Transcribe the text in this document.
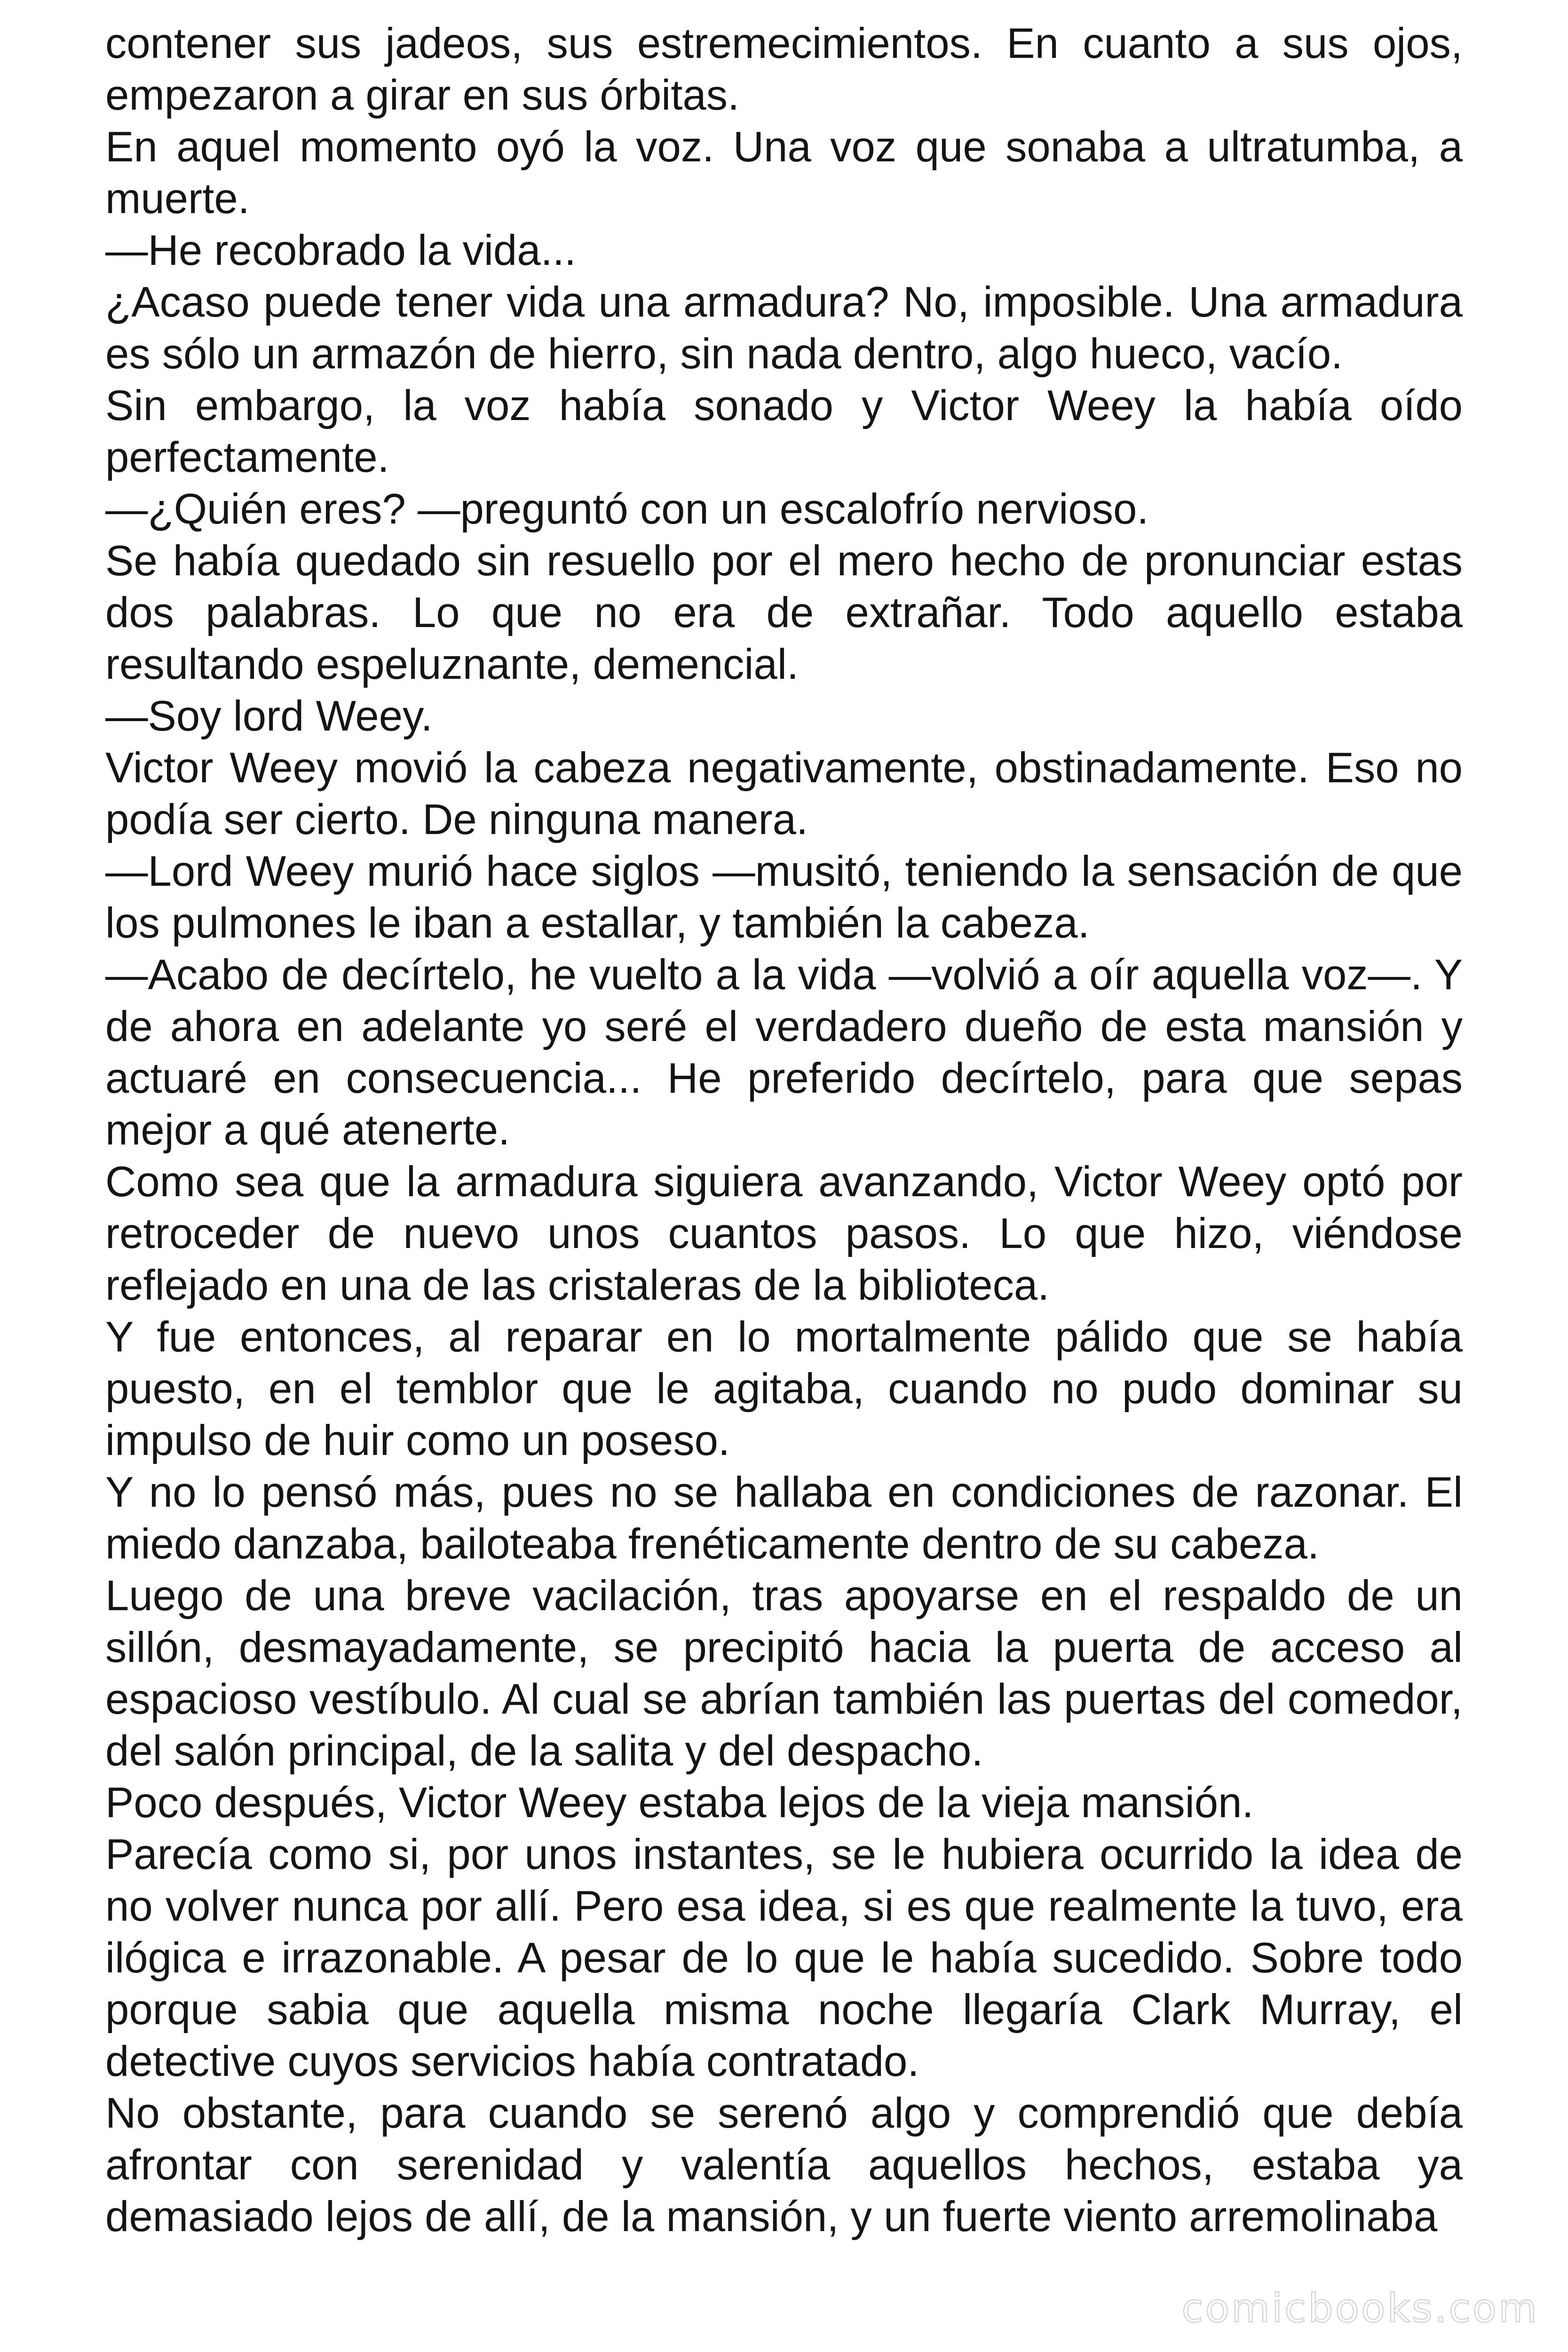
contener sus jadeos, sus estremecimientos. En cuanto a sus ojos, empezaron a girar en sus órbitas.

En aquel momento oyó la voz. Una voz que sonaba a ultratumba, a muerte.

—He recobrado la vida...

¿Acaso puede tener vida una armadura? No, imposible. Una armadura es sólo un armazón de hierro, sin nada dentro, algo hueco, vacío.

Sin embargo, la voz había sonado y Victor Weey la había oído perfectamente.

—¿Quién eres? —preguntó con un escalofrío nervioso.

Se había quedado sin resuello por el mero hecho de pronunciar estas dos palabras. Lo que no era de extrañar. Todo aquello estaba resultando espeluznante, demencial.

—Soy lord Weey.

Victor Weey movió la cabeza negativamente, obstinadamente. Eso no podía ser cierto. De ninguna manera.

—Lord Weey murió hace siglos —musitó, teniendo la sensación de que los pulmones le iban a estallar, y también la cabeza.

—Acabo de decírtelo, he vuelto a la vida —volvió a oír aquella voz—. Y de ahora en adelante yo seré el verdadero dueño de esta mansión y actuaré en consecuencia... He preferido decírtelo, para que sepas mejor a qué atenerte.

Como sea que la armadura siguiera avanzando, Victor Weey optó por retroceder de nuevo unos cuantos pasos. Lo que hizo, viéndose reflejado en una de las cristaleras de la biblioteca.

Y fue entonces, al reparar en lo mortalmente pálido que se había puesto, en el temblor que le agitaba, cuando no pudo dominar su impulso de huir como un poseso.

Y no lo pensó más, pues no se hallaba en condiciones de razonar. El miedo danzaba, bailoteaba frenéticamente dentro de su cabeza.

Luego de una breve vacilación, tras apoyarse en el respaldo de un sillón, desmayadamente, se precipitó hacia la puerta de acceso al espacioso vestíbulo. Al cual se abrían también las puertas del comedor, del salón principal, de la salita y del despacho.

Poco después, Victor Weey estaba lejos de la vieja mansión.

Parecía como si, por unos instantes, se le hubiera ocurrido la idea de no volver nunca por allí. Pero esa idea, si es que realmente la tuvo, era ilógica e irrazonable. A pesar de lo que le había sucedido. Sobre todo porque sabia que aquella misma noche llegaría Clark Murray, el detective cuyos servicios había contratado.

No obstante, para cuando se serenó algo y comprendió que debía afrontar con serenidad y valentía aquellos hechos, estaba ya demasiado lejos de allí, de la mansión, y un fuerte viento arremolinaba

comicbooks.com
